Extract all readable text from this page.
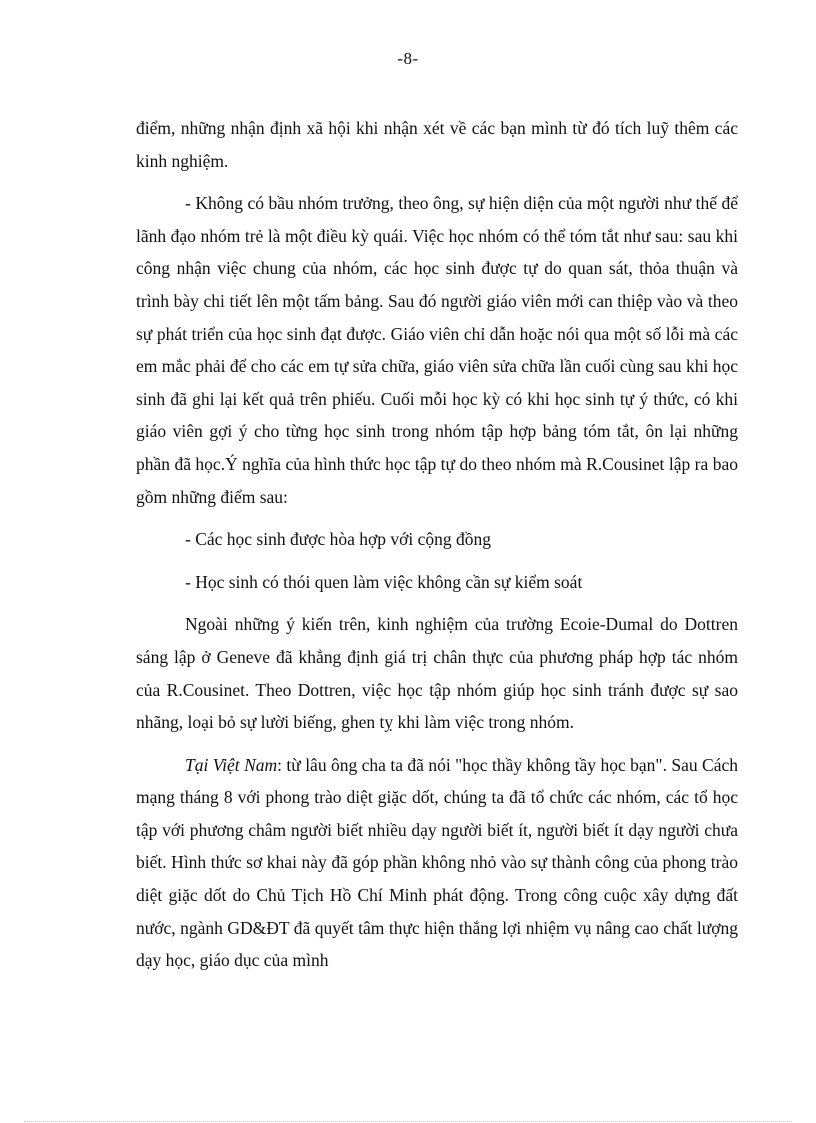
-8-

điểm, những nhận định xã hội khi nhận xét về các bạn mình từ đó tích luỹ thêm các kinh nghiệm.

- Không có bầu nhóm trưởng, theo ông, sự hiện diện của một người như thế để lãnh đạo nhóm trẻ là một điều kỳ quái. Việc học nhóm có thể tóm tắt như sau: sau khi công nhận việc chung của nhóm, các học sinh được tự do quan sát, thỏa thuận và trình bày chi tiết lên một tấm bảng. Sau đó người giáo viên mới can thiệp vào và theo sự phát triển của học sinh đạt được. Giáo viên chỉ dẫn hoặc nói qua một số lỗi mà các em mắc phải để cho các em tự sửa chữa, giáo viên sửa chữa lần cuối cùng sau khi học sinh đã ghi lại kết quả trên phiếu. Cuối mỗi học kỳ có khi học sinh tự ý thức, có khi giáo viên gợi ý cho từng học sinh trong nhóm tập hợp bảng tóm tắt, ôn lại những phần đã học.Ý nghĩa của hình thức học tập tự do theo nhóm mà R.Cousinet lập ra bao gồm những điểm sau:

- Các học sinh được hòa hợp với cộng đồng

- Học sinh có thói quen làm việc không cần sự kiểm soát

Ngoài những ý kiến trên, kinh nghiệm của trường Ecoie-Dumal do Dottren sáng lập ở Geneve đã khẳng định giá trị chân thực của phương pháp hợp tác nhóm của R.Cousinet. Theo Dottren, việc học tập nhóm giúp học sinh tránh được sự sao nhãng, loại bỏ sự lười biếng, ghen tỵ khi làm việc trong nhóm.

Tại Việt Nam: từ lâu ông cha ta đã nói "học thầy không tầy học bạn". Sau Cách mạng tháng 8 với phong trào diệt giặc dốt, chúng ta đã tổ chức các nhóm, các tổ học tập với phương châm người biết nhiều dạy người biết ít, người biết ít dạy người chưa biết. Hình thức sơ khai này đã góp phần không nhỏ vào sự thành công của phong trào diệt giặc dốt do Chủ Tịch Hồ Chí Minh phát động. Trong công cuộc xây dựng đất nước, ngành GD&ĐT đã quyết tâm thực hiện thắng lợi nhiệm vụ nâng cao chất lượng dạy học, giáo dục của mình
